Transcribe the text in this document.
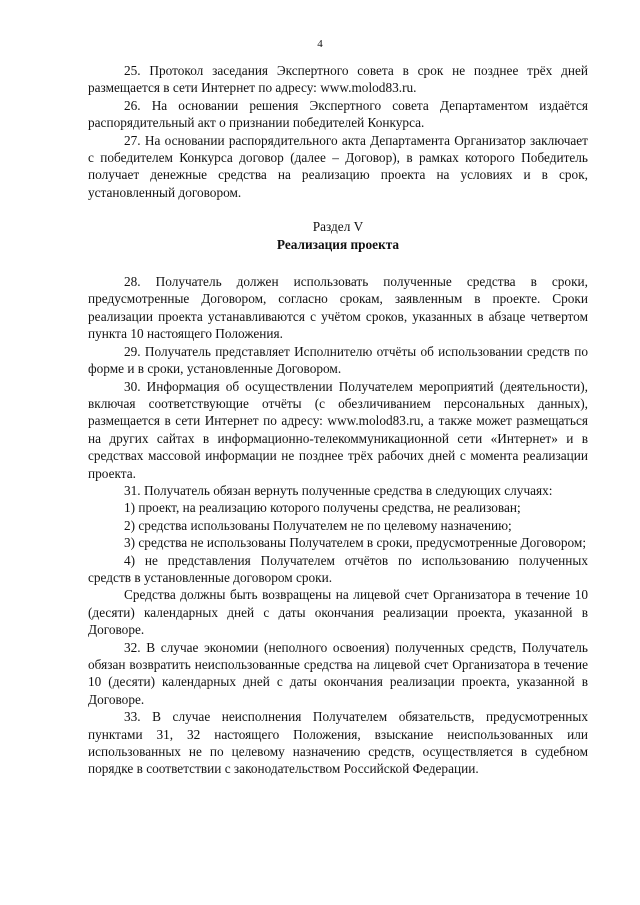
4

25. Протокол заседания Экспертного совета в срок не позднее трёх дней размещается в сети Интернет по адресу: www.molod83.ru.

26. На основании решения Экспертного совета Департаментом издаётся распорядительный акт о признании победителей Конкурса.

27. На основании распорядительного акта Департамента Организатор заключает с победителем Конкурса договор (далее – Договор), в рамках которого Победитель получает денежные средства на реализацию проекта на условиях и в срок, установленный договором.

Раздел V
Реализация проекта

28. Получатель должен использовать полученные средства в сроки, предусмотренные Договором, согласно срокам, заявленным в проекте. Сроки реализации проекта устанавливаются с учётом сроков, указанных в абзаце четвертом пункта 10 настоящего Положения.

29. Получатель представляет Исполнителю отчёты об использовании средств по форме и в сроки, установленные Договором.

30. Информация об осуществлении Получателем мероприятий (деятельности), включая соответствующие отчёты (с обезличиванием персональных данных), размещается в сети Интернет по адресу: www.molod83.ru, а также может размещаться на других сайтах в информационно-телекоммуникационной сети «Интернет» и в средствах массовой информации не позднее трёх рабочих дней с момента реализации проекта.

31. Получатель обязан вернуть полученные средства в следующих случаях:

1) проект, на реализацию которого получены средства, не реализован;

2) средства использованы Получателем не по целевому назначению;

3) средства не использованы Получателем в сроки, предусмотренные Договором;

4) не представления Получателем отчётов по использованию полученных средств в установленные договором сроки.

Средства должны быть возвращены на лицевой счет Организатора в течение 10 (десяти) календарных дней с даты окончания реализации проекта, указанной в Договоре.

32. В случае экономии (неполного освоения) полученных средств, Получатель обязан возвратить неиспользованные средства на лицевой счет Организатора в течение 10 (десяти) календарных дней с даты окончания реализации проекта, указанной в Договоре.

33. В случае неисполнения Получателем обязательств, предусмотренных пунктами 31, 32 настоящего Положения, взыскание неиспользованных или использованных не по целевому назначению средств, осуществляется в судебном порядке в соответствии с законодательством Российской Федерации.
